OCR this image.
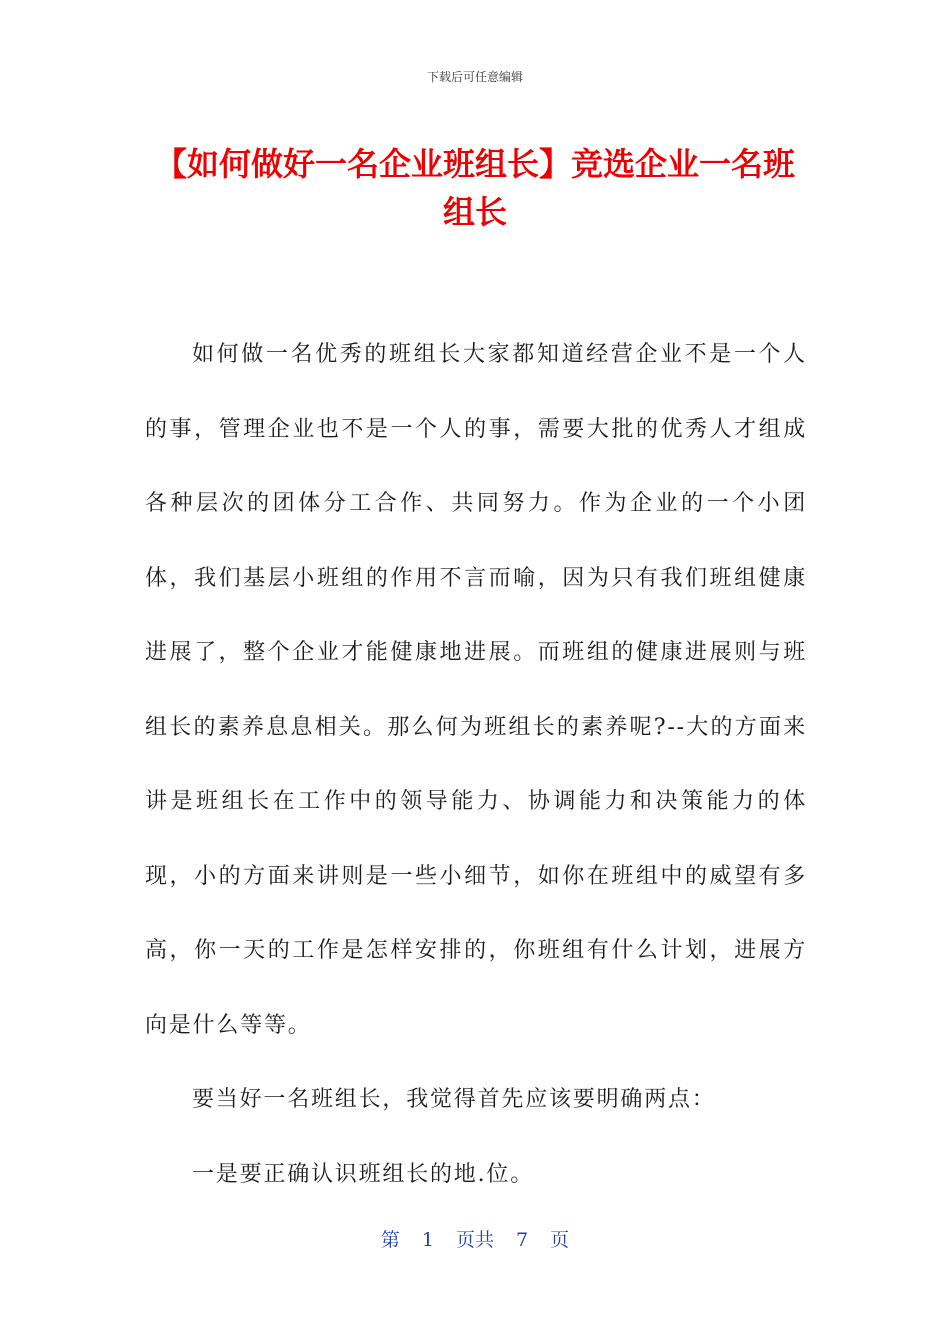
下载后可任意编辑
【如何做好一名企业班组长】竞选企业一名班组长

如何做一名优秀的班组长大家都知道经营企业不是一个人的事，管理企业也不是一个人的事，需要大批的优秀人才组成各种层次的团体分工合作、共同努力。作为企业的一个小团体，我们基层小班组的作用不言而喻，因为只有我们班组健康进展了，整个企业才能健康地进展。而班组的健康进展则与班组长的素养息息相关。那么何为班组长的素养呢?--大的方面来讲是班组长在工作中的领导能力、协调能力和决策能力的体现，小的方面来讲则是一些小细节，如你在班组中的威望有多高，你一天的工作是怎样安排的，你班组有什么计划，进展方向是什么等等。

要当好一名班组长，我觉得首先应该要明确两点：

一是要正确认识班组长的地.位。

第 1 页共 7 页
